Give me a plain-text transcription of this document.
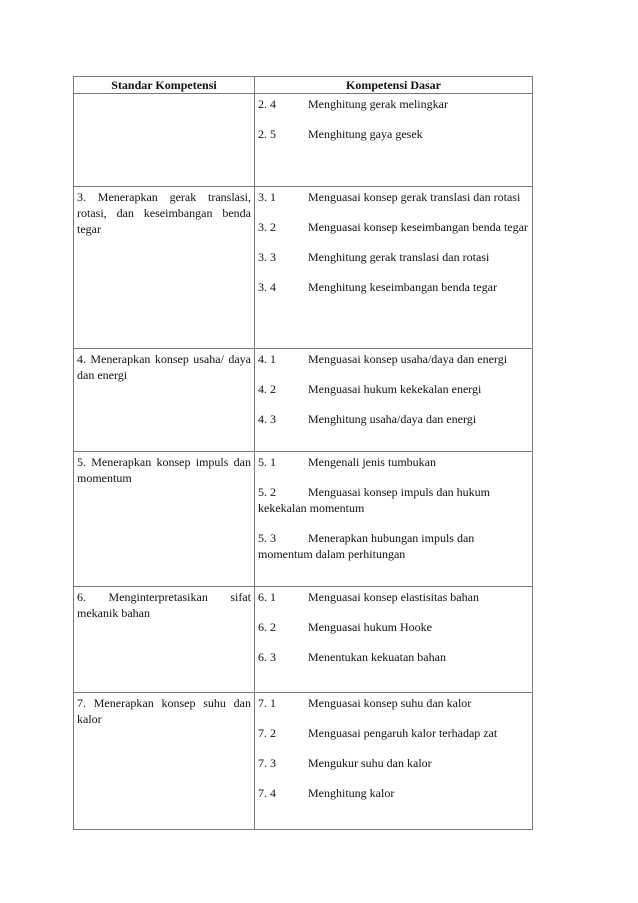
Standar Kompetensi	Kompetensi Dasar

	2. 4 Menghitung gerak melingkar
2. 5 Menghitung gaya gesek

3. Menerapkan gerak translasi, rotasi, dan keseimbangan benda tegar	3. 1 Menguasai konsep gerak translasi dan rotasi
3. 2 Menguasai konsep keseimbangan benda tegar
3. 3 Menghitung gerak translasi dan rotasi
3. 4 Menghitung keseimbangan benda tegar

4. Menerapkan konsep usaha/ daya dan energi	4. 1 Menguasai konsep usaha/daya dan energi
4. 2 Menguasai hukum kekekalan energi
4. 3 Menghitung usaha/daya dan energi

5. Menerapkan konsep impuls dan momentum	5. 1 Mengenali jenis tumbukan
5. 2 Menguasai konsep impuls dan hukum kekekalan momentum
5. 3 Menerapkan hubungan impuls dan momentum dalam perhitungan

6. Menginterpretasikan sifat mekanik bahan	6. 1 Menguasai konsep elastisitas bahan
6. 2 Menguasai hukum Hooke
6. 3 Menentukan kekuatan bahan

7. Menerapkan konsep suhu dan kalor	7. 1 Menguasai konsep suhu dan kalor
7. 2 Menguasai pengaruh kalor terhadap zat
7. 3 Mengukur suhu dan kalor
7. 4 Menghitung kalor
